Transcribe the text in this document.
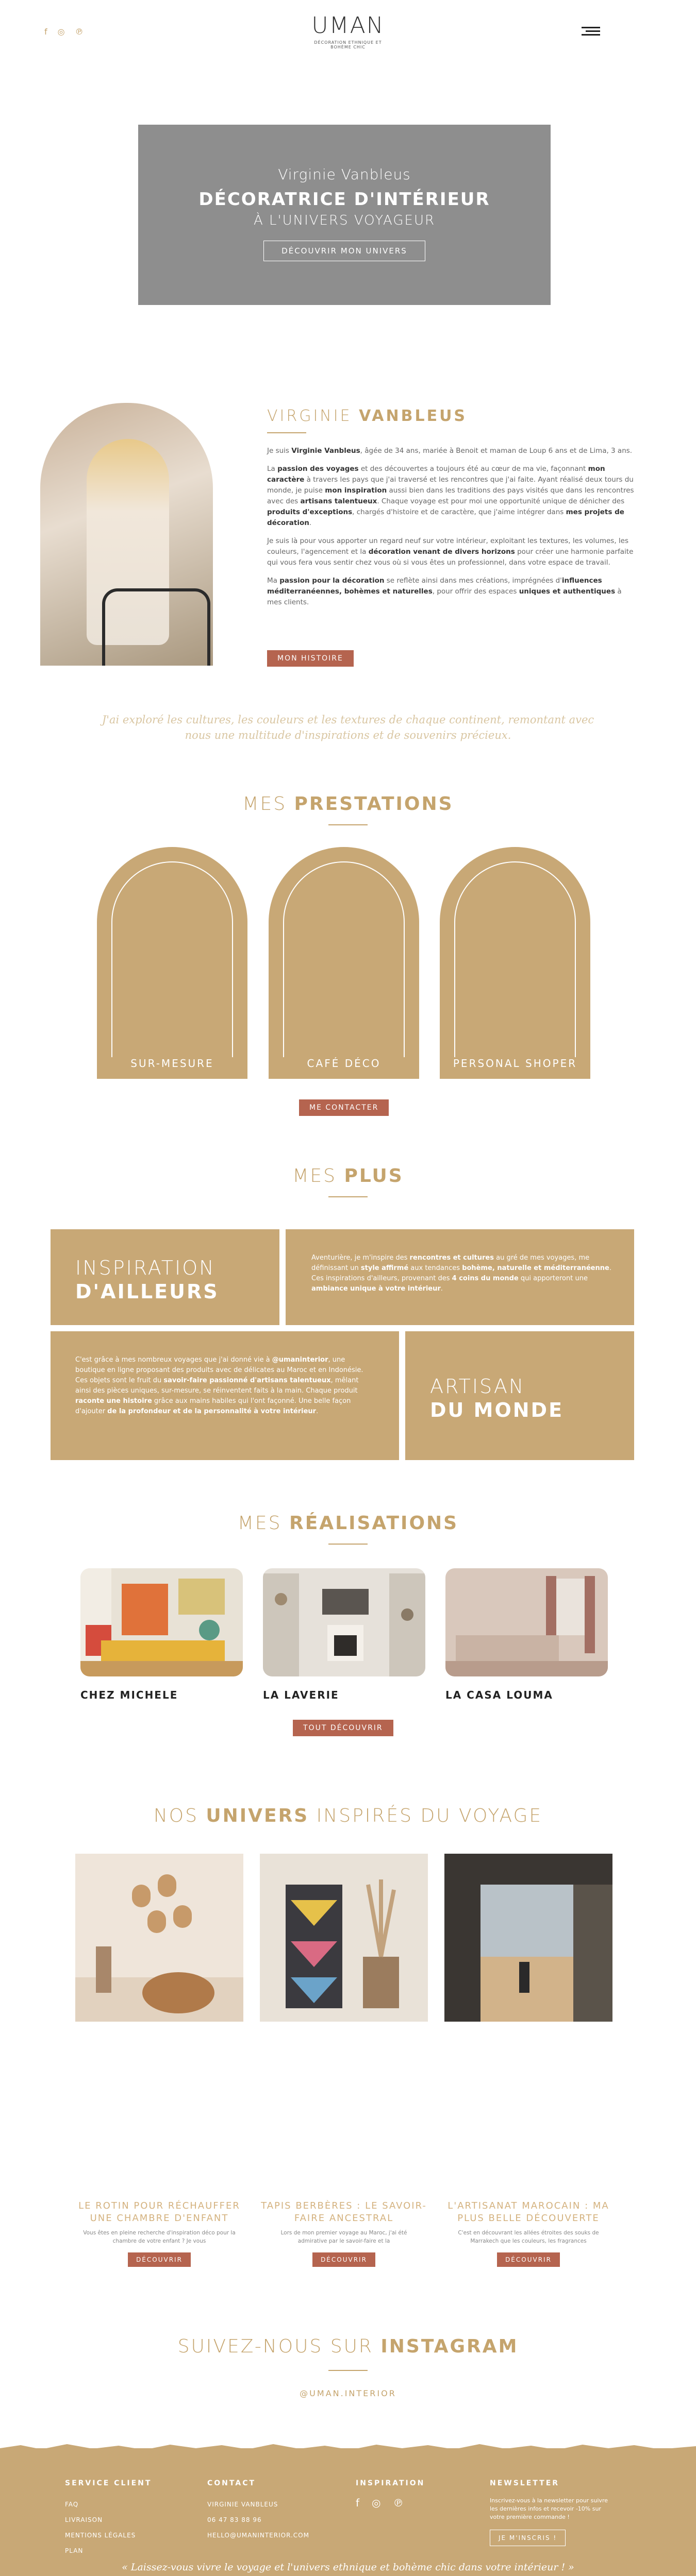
f ◎ ℗	UMAN
DÉCORATION ETHNIQUE ET BOHÈME CHIC
Virginie Vanbleus
DÉCORATRICE D'INTÉRIEUR
À L'UNIVERS VOYAGEUR
DÉCOUVRIR MON UNIVERS
VIRGINIE VANBLEUS

Je suis Virginie Vanbleus, âgée de 34 ans, mariée à Benoit et maman de Loup 6 ans et de Lima, 3 ans.

La passion des voyages et des découvertes a toujours été au cœur de ma vie, façonnant mon caractère à travers les pays que j'ai traversé et les rencontres que j'ai faite. Ayant réalisé deux tours du monde, je puise mon inspiration aussi bien dans les traditions des pays visités que dans les rencontres avec des artisans talentueux. Chaque voyage est pour moi une opportunité unique de dénicher des produits d'exceptions, chargés d'histoire et de caractère, que j'aime intégrer dans mes projets de décoration.

Je suis là pour vous apporter un regard neuf sur votre intérieur, exploitant les textures, les volumes, les couleurs, l'agencement et la décoration venant de divers horizons pour créer une harmonie parfaite qui vous fera vous sentir chez vous où si vous êtes un professionnel, dans votre espace de travail.

Ma passion pour la décoration se reflète ainsi dans mes créations, imprégnées d'influences méditerranéennes, bohèmes et naturelles, pour offrir des espaces uniques et authentiques à mes clients.

MON HISTOIRE
J'ai exploré les cultures, les couleurs et les textures de chaque continent, remontant avec nous une multitude d'inspirations et de souvenirs précieux.
MES PRESTATIONS
SUR-MESURE	CAFÉ DÉCO	PERSONAL SHOPER
ME CONTACTER
MES PLUS
INSPIRATION
D'AILLEURS

Aventurière, je m'inspire des rencontres et cultures au gré de mes voyages, me définissant un style affirmé aux tendances bohème, naturelle et méditerranéenne. Ces inspirations d'ailleurs, provenant des 4 coins du monde qui apporteront une ambiance unique à votre intérieur.

C'est grâce à mes nombreux voyages que j'ai donné vie à @umaninterior, une boutique en ligne proposant des produits avec de délicates au Maroc et en Indonésie. Ces objets sont le fruit du savoir-faire passionné d'artisans talentueux, mêlant ainsi des pièces uniques, sur-mesure, se réinventent faits à la main. Chaque produit raconte une histoire grâce aux mains habiles qui l'ont façonné. Une belle façon d'ajouter de la profondeur et de la personnalité à votre intérieur.

ARTISAN
DU MONDE
MES RÉALISATIONS
CHEZ MICHELE	LA LAVERIE	LA CASA LOUMA
TOUT DÉCOUVRIR
NOS UNIVERS INSPIRÉS DU VOYAGE
LE ROTIN POUR RÉCHAUFFER UNE CHAMBRE D'ENFANT

Vous êtes en pleine recherche d'inspiration déco pour la chambre de votre enfant ? Je vous

DÉCOUVRIR
TAPIS BERBÈRES : LE SAVOIR-FAIRE ANCESTRAL

Lors de mon premier voyage au Maroc, j'ai été admirative par le savoir-faire et la

DÉCOUVRIR
L'ARTISANAT MAROCAIN : MA PLUS BELLE DÉCOUVERTE

C'est en découvrant les allées étroites des souks de Marrakech que les couleurs, les fragrances

DÉCOUVRIR
SUIVEZ-NOUS SUR INSTAGRAM
@UMAN.INTERIOR
SERVICE CLIENT
FAQ
LIVRAISON
MENTIONS LÉGALES
PLAN
CONTACT
VIRGINIE VANBLEUS
06 47 83 88 96
HELLO@UMANINTERIOR.COM
INSPIRATION
f ◎ ℗
NEWSLETTER
Inscrivez-vous à la newsletter pour suivre les dernières infos et recevoir -10% sur votre première commande !
JE M'INSCRIS !
« Laissez-vous vivre le voyage et l'univers ethnique et bohème chic dans votre intérieur ! »
